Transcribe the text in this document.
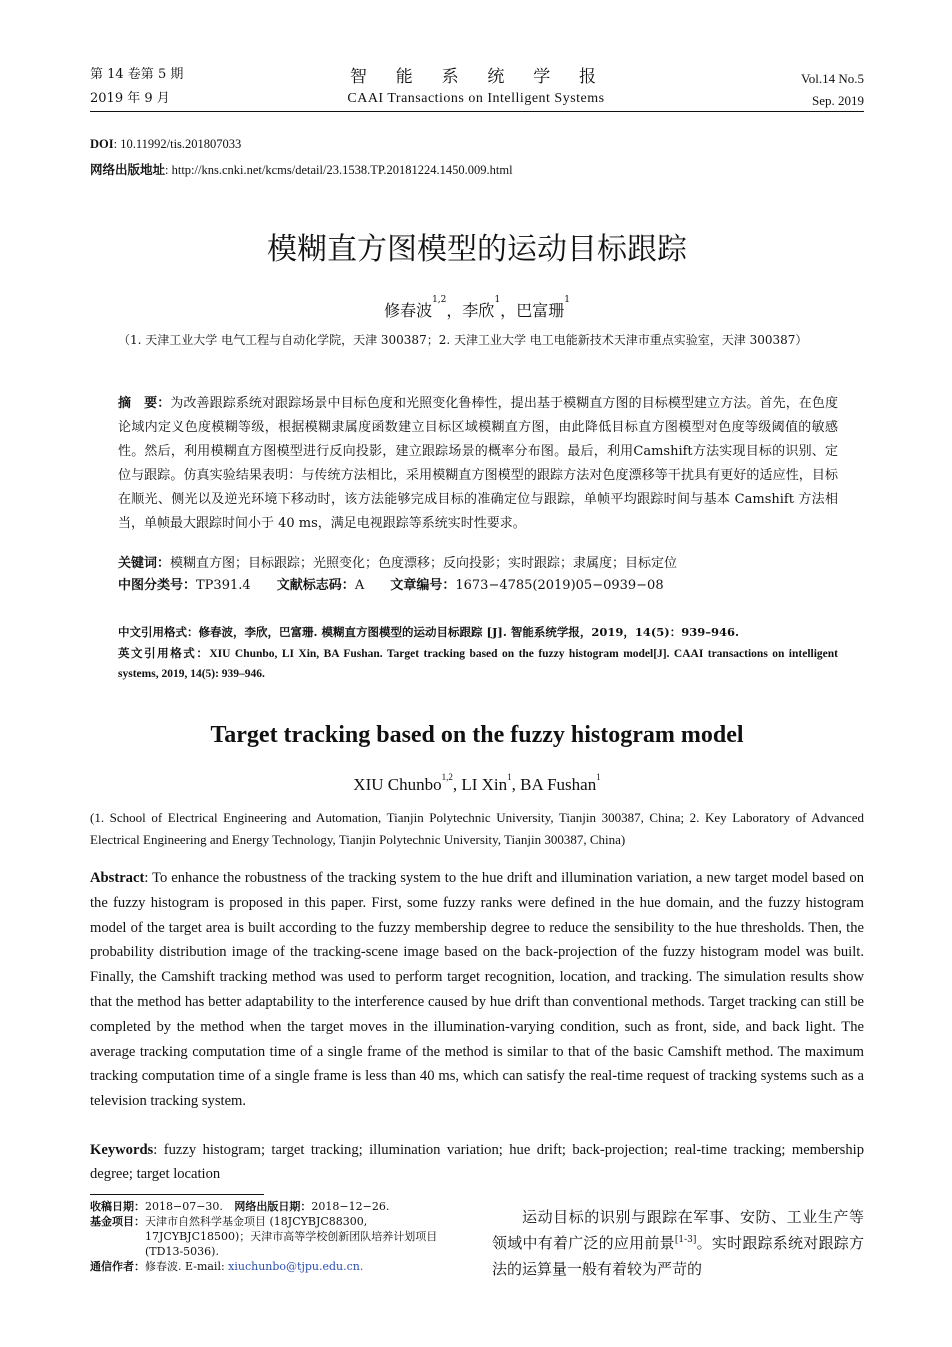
第 14 卷第 5 期
2019 年 9 月
智  能  系  统  学  报
CAAI Transactions on Intelligent Systems
Vol.14 No.5
Sep. 2019
DOI: 10.11992/tis.201807033
网络出版地址: http://kns.cnki.net/kcms/detail/23.1538.TP.20181224.1450.009.html
模糊直方图模型的运动目标跟踪
修春波$^{1,2}$，李欣$^1$，巴富珊$^1$
（1. 天津工业大学 电气工程与自动化学院，天津 300387；2. 天津工业大学 电工电能新技术天津市重点实验室，天津 300387）
摘　要：为改善跟踪系统对跟踪场景中目标色度和光照变化鲁棒性，提出基于模糊直方图的目标模型建立方法。首先，在色度论域内定义色度模糊等级，根据模糊隶属度函数建立目标区域模糊直方图，由此降低目标直方图模型对色度等级阈值的敏感性。然后，利用模糊直方图模型进行反向投影，建立跟踪场景的概率分布图。最后，利用Camshift方法实现目标的识别、定位与跟踪。仿真实验结果表明：与传统方法相比，采用模糊直方图模型的跟踪方法对色度漂移等干扰具有更好的适应性，目标在顺光、侧光以及逆光环境下移动时，该方法能够完成目标的准确定位与跟踪，单帧平均跟踪时间与基本 Camshift 方法相当，单帧最大跟踪时间小于 40 ms，满足电视跟踪等系统实时性要求。
关键词：模糊直方图；目标跟踪；光照变化；色度漂移；反向投影；实时跟踪；隶属度；目标定位
中图分类号：TP391.4 文献标志码：A 文章编号：1673−4785(2019)05−0939−08
中文引用格式：修春波，李欣，巴富珊. 模糊直方图模型的运动目标跟踪 [J]. 智能系统学报，2019，14(5)：939–946.
英文引用格式：XIU Chunbo, LI Xin, BA Fushan. Target tracking based on the fuzzy histogram model[J]. CAAI transactions on intelligent systems, 2019, 14(5): 939–946.
Target tracking based on the fuzzy histogram model
XIU Chunbo$^{1,2}$, LI Xin$^1$, BA Fushan$^1$
(1. School of Electrical Engineering and Automation, Tianjin Polytechnic University, Tianjin 300387, China; 2. Key Laboratory of Advanced Electrical Engineering and Energy Technology, Tianjin Polytechnic University, Tianjin 300387, China)
Abstract: To enhance the robustness of the tracking system to the hue drift and illumination variation, a new target model based on the fuzzy histogram is proposed in this paper. First, some fuzzy ranks were defined in the hue domain, and the fuzzy histogram model of the target area is built according to the fuzzy membership degree to reduce the sensibility to the hue thresholds. Then, the probability distribution image of the tracking-scene image based on the back-projection of the fuzzy histogram model was built. Finally, the Camshift tracking method was used to perform target recognition, location, and tracking. The simulation results show that the method has better adaptability to the interference caused by hue drift than conventional methods. Target tracking can still be completed by the method when the target moves in the illumination-varying condition, such as front, side, and back light. The average tracking computation time of a single frame of the method is similar to that of the basic Camshift method. The maximum tracking computation time of a single frame is less than 40 ms, which can satisfy the real-time request of tracking systems such as a television tracking system.
Keywords: fuzzy histogram; target tracking; illumination variation; hue drift; back-projection; real-time tracking; membership degree; target location
收稿日期：2018−07−30. 网络出版日期：2018−12−26.
基金项目： 天津市自然科学基金项目 (18JCYBJC88300, 17JCYBJC18500)；天津市高等学校创新团队培养计划项目 (TD13-5036).
通信作者：修春波. E-mail: xiuchunbo@tjpu.edu.cn.
运动目标的识别与跟踪在军事、安防、工业生产等领域中有着广泛的应用前景[1-3]。实时跟踪系统对跟踪方法的运算量一般有着较为严苛的
